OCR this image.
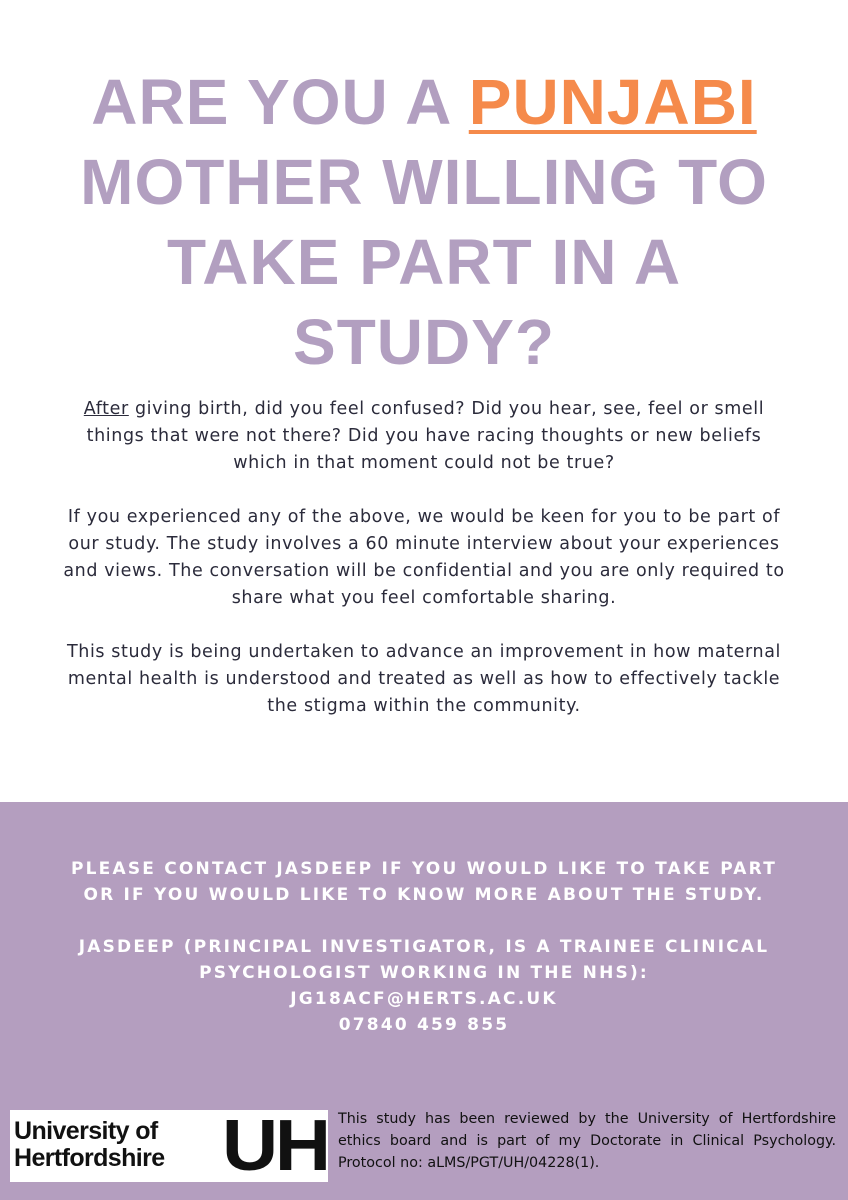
ARE YOU A PUNJABI
MOTHER WILLING TO
TAKE PART IN A
STUDY?

After giving birth, did you feel confused? Did you hear, see, feel or smell things that were not there? Did you have racing thoughts or new beliefs which in that moment could not be true?

If you experienced any of the above, we would be keen for you to be part of our study. The study involves a 60 minute interview about your experiences and views. The conversation will be confidential and you are only required to share what you feel comfortable sharing.

This study is being undertaken to advance an improvement in how maternal mental health is understood and treated as well as how to effectively tackle the stigma within the community.

PLEASE CONTACT JASDEEP IF YOU WOULD LIKE TO TAKE PART OR IF YOU WOULD LIKE TO KNOW MORE ABOUT THE STUDY.

JASDEEP (PRINCIPAL INVESTIGATOR, IS A TRAINEE CLINICAL PSYCHOLOGIST WORKING IN THE NHS):

JG18ACF@HERTS.AC.UK

07840 459 855

University of
Hertfordshire UH This study has been reviewed by the University of Hertfordshire ethics board and is part of my Doctorate in Clinical Psychology. Protocol no: aLMS/PGT/UH/04228(1).
